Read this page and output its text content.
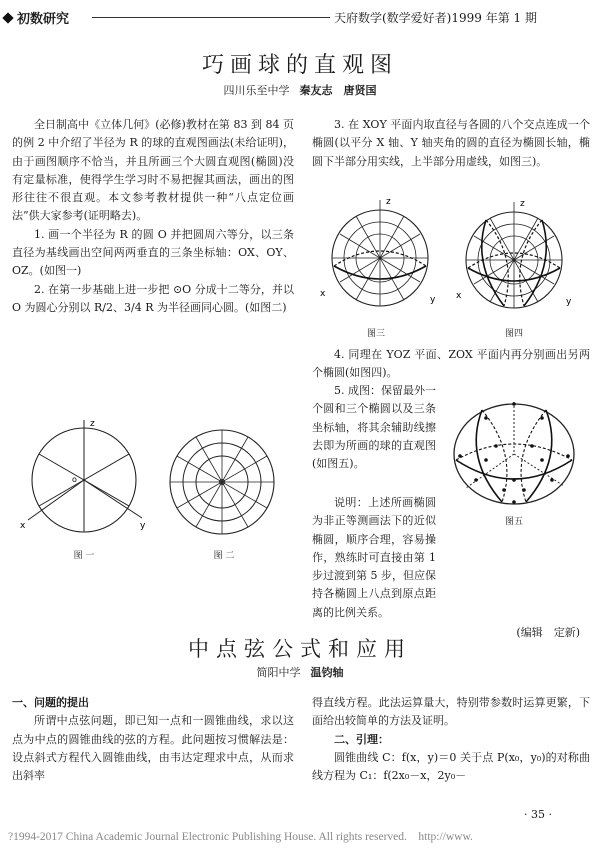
初数研究	天府数学(数学爱好者)1999 年第 1 期
巧画球的直观图
四川乐至中学 秦友志　唐贤国

全日制高中《立体几何》(必修)教材在第 83 到 84 页的例 2 中介绍了半径为 R 的球的直观图画法(未给证明)，由于画图顺序不恰当，并且所画三个大圆直观图(椭圆)没有定量标准，使得学生学习时不易把握其画法，画出的图形往往不很直观。本文参考教材提供一种“八点定位画法”供大家参考(证明略去)。

1. 画一个半径为 R 的圆 O 并把圆周六等分，以三条直径为基线画出空间两两垂直的三条坐标轴：OX、OY、OZ。(如图一)

2. 在第一步基础上进一步把 ⊙O 分成十二等分，并以 O 为圆心分别以 R/2、3/4 R 为半径画同心圆。(如图二)

z
x	y
o
图 一	图 二

3. 在 XOY 平面内取直径与各圆的八个交点连成一个椭圆(以平分 X 轴、Y 轴夹角的圆的直径为椭圆长轴，椭圆下半部分用实线，上半部分用虚线，如图三)。

z
x
y
图三
z
x
y
图四

4. 同理在 YOZ 平面、ZOX 平面内再分别画出另两个椭圆(如图四)。

5. 成图：保留最外一个圆和三个椭圆以及三条坐标轴，将其余辅助线擦去即为所画的球的直观图(如图五)。

图五

说明：上述所画椭圆为非正等测画法下的近似椭圆，顺序合理，容易操作，熟练时可直接由第 1 步过渡到第 5 步，但应保持各椭圆上八点到原点距离的比例关系。

(编辑　定新)
中点弦公式和应用
简阳中学 温钧轴

一、问题的提出

所谓中点弦问题，即已知一点和一圆锥曲线，求以这点为中点的圆锥曲线的弦的方程。此问题按习惯解法是：设点斜式方程代入圆锥曲线，由韦达定理求中点，从而求出斜率

得直线方程。此法运算量大，特别带参数时运算更繁，下面给出较简单的方法及证明。

二、引理：

圆锥曲线 C：f(x，y)＝0 关于点 P(x₀，y₀)的对称曲线方程为 C₁：f(2x₀－x，2y₀－

· 35 ·
?1994-2017 China Academic Journal Electronic Publishing House. All rights reserved.　http://www.
